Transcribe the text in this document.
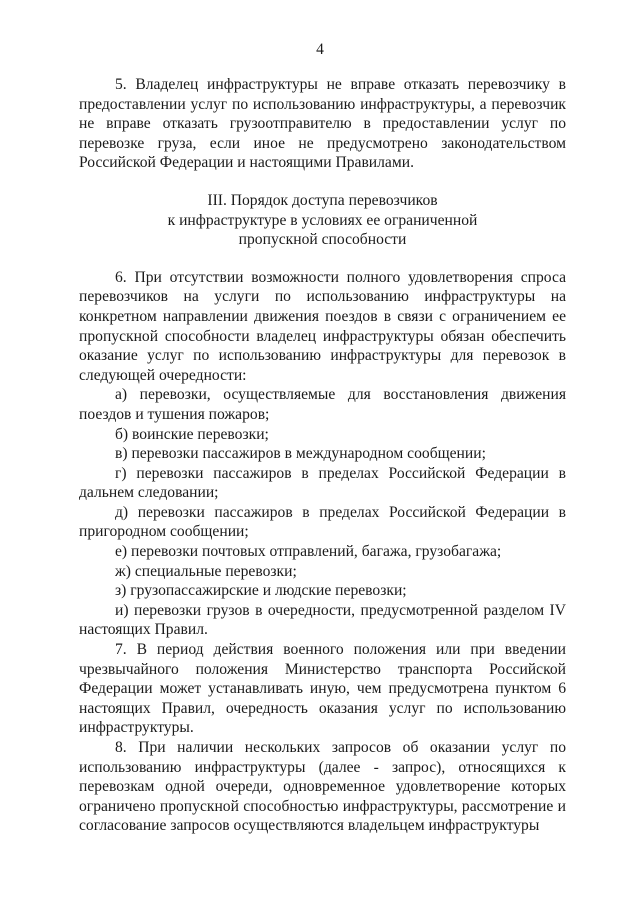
4

5. Владелец инфраструктуры не вправе отказать перевозчику в предоставлении услуг по использованию инфраструктуры, а перевозчик не вправе отказать грузоотправителю в предоставлении услуг по перевозке груза, если иное не предусмотрено законодательством Российской Федерации и настоящими Правилами.

III. Порядок доступа перевозчиков
к инфраструктуре в условиях ее ограниченной
пропускной способности

6. При отсутствии возможности полного удовлетворения спроса перевозчиков на услуги по использованию инфраструктуры на конкретном направлении движения поездов в связи с ограничением ее пропускной способности владелец инфраструктуры обязан обеспечить оказание услуг по использованию инфраструктуры для перевозок в следующей очередности:

а) перевозки, осуществляемые для восстановления движения поездов и тушения пожаров;

б) воинские перевозки;

в) перевозки пассажиров в международном сообщении;

г) перевозки пассажиров в пределах Российской Федерации в дальнем следовании;

д) перевозки пассажиров в пределах Российской Федерации в пригородном сообщении;

е) перевозки почтовых отправлений, багажа, грузобагажа;

ж) специальные перевозки;

з) грузопассажирские и людские перевозки;

и) перевозки грузов в очередности, предусмотренной разделом IV настоящих Правил.

7. В период действия военного положения или при введении чрезвычайного положения Министерство транспорта Российской Федерации может устанавливать иную, чем предусмотрена пунктом 6 настоящих Правил, очередность оказания услуг по использованию инфраструктуры.

8. При наличии нескольких запросов об оказании услуг по использованию инфраструктуры (далее - запрос), относящихся к перевозкам одной очереди, одновременное удовлетворение которых ограничено пропускной способностью инфраструктуры, рассмотрение и согласование запросов осуществляются владельцем инфраструктуры
